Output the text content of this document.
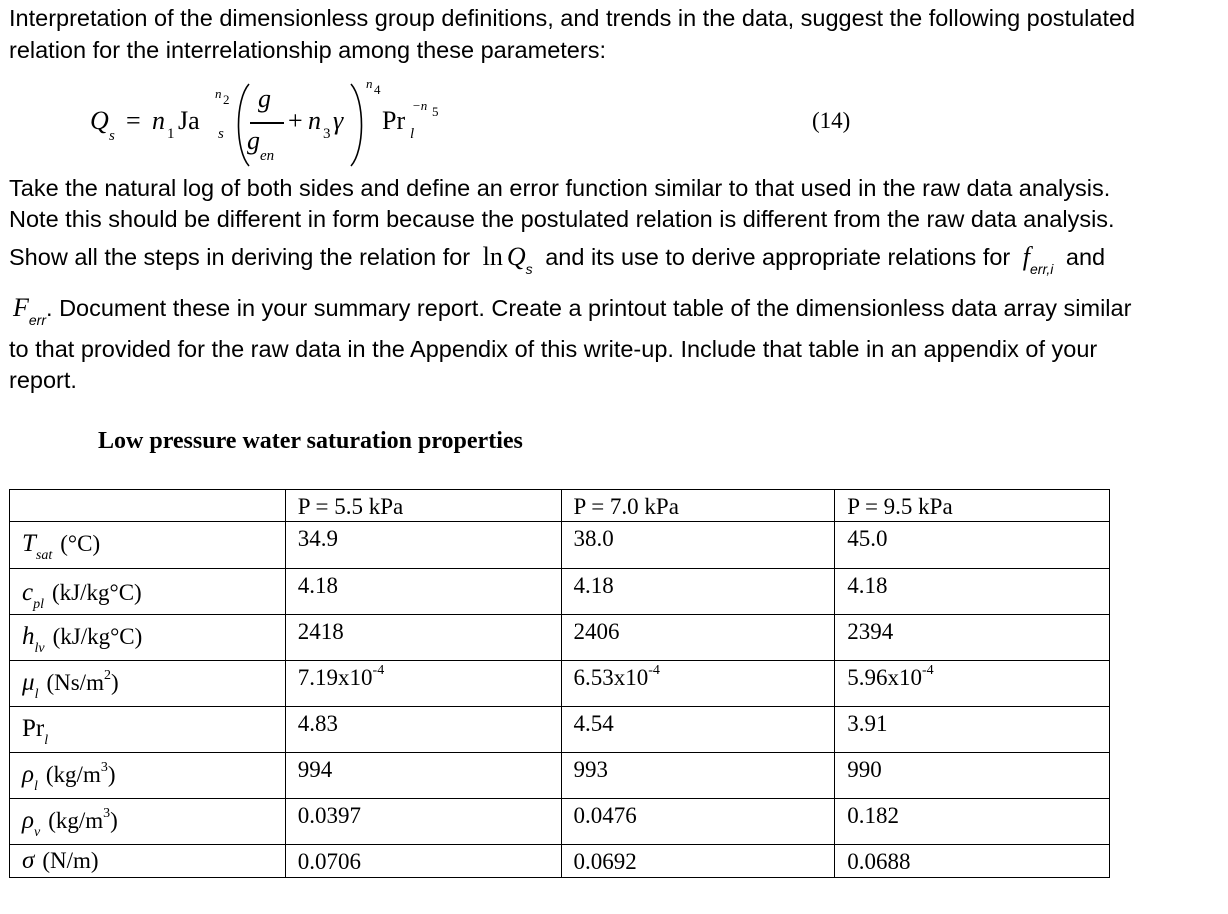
Interpretation of the dimensionless group definitions, and trends in the data, suggest the following postulated
relation for the interrelationship among these parameters:
Q
s
= n 1 Ja
n 2
s
g
g
en
+ n 3 γ
n 4
Pr l
−n 5	(14)
Take the natural log of both sides and define an error function similar to that used in the raw data analysis.
Note this should be different in form because the postulated relation is different from the raw data analysis.
Show all the steps in deriving the relation for $\ln Q_s$ and its use to derive appropriate relations for $f_{err,i}$ and
$F_{err}$. Document these in your summary report. Create a printout table of the dimensionless data array similar
to that provided for the raw data in the Appendix of this write-up. Include that table in an appendix of your
report.
Low pressure water saturation properties
	P = 5.5 kPa	P = 7.0 kPa	P = 9.5 kPa
$T_{sat}$ (°C)	34.9	38.0	45.0
$c_{pl}$ (kJ/kg°C)	4.18	4.18	4.18
$h_{lv}$ (kJ/kg°C)	2418	2406	2394
$\mu_l$ $(Ns/m^2)$	$7.19x10^{-4}$	$6.53x10^{-4}$	$5.96x10^{-4}$
$Pr_l$	4.83	4.54	3.91
$\rho_l$ $(kg/m^3)$	994	993	990
$\rho_v$ $(kg/m^3)$	0.0397	0.0476	0.182
σ (N/m)	0.0706	0.0692	0.0688
